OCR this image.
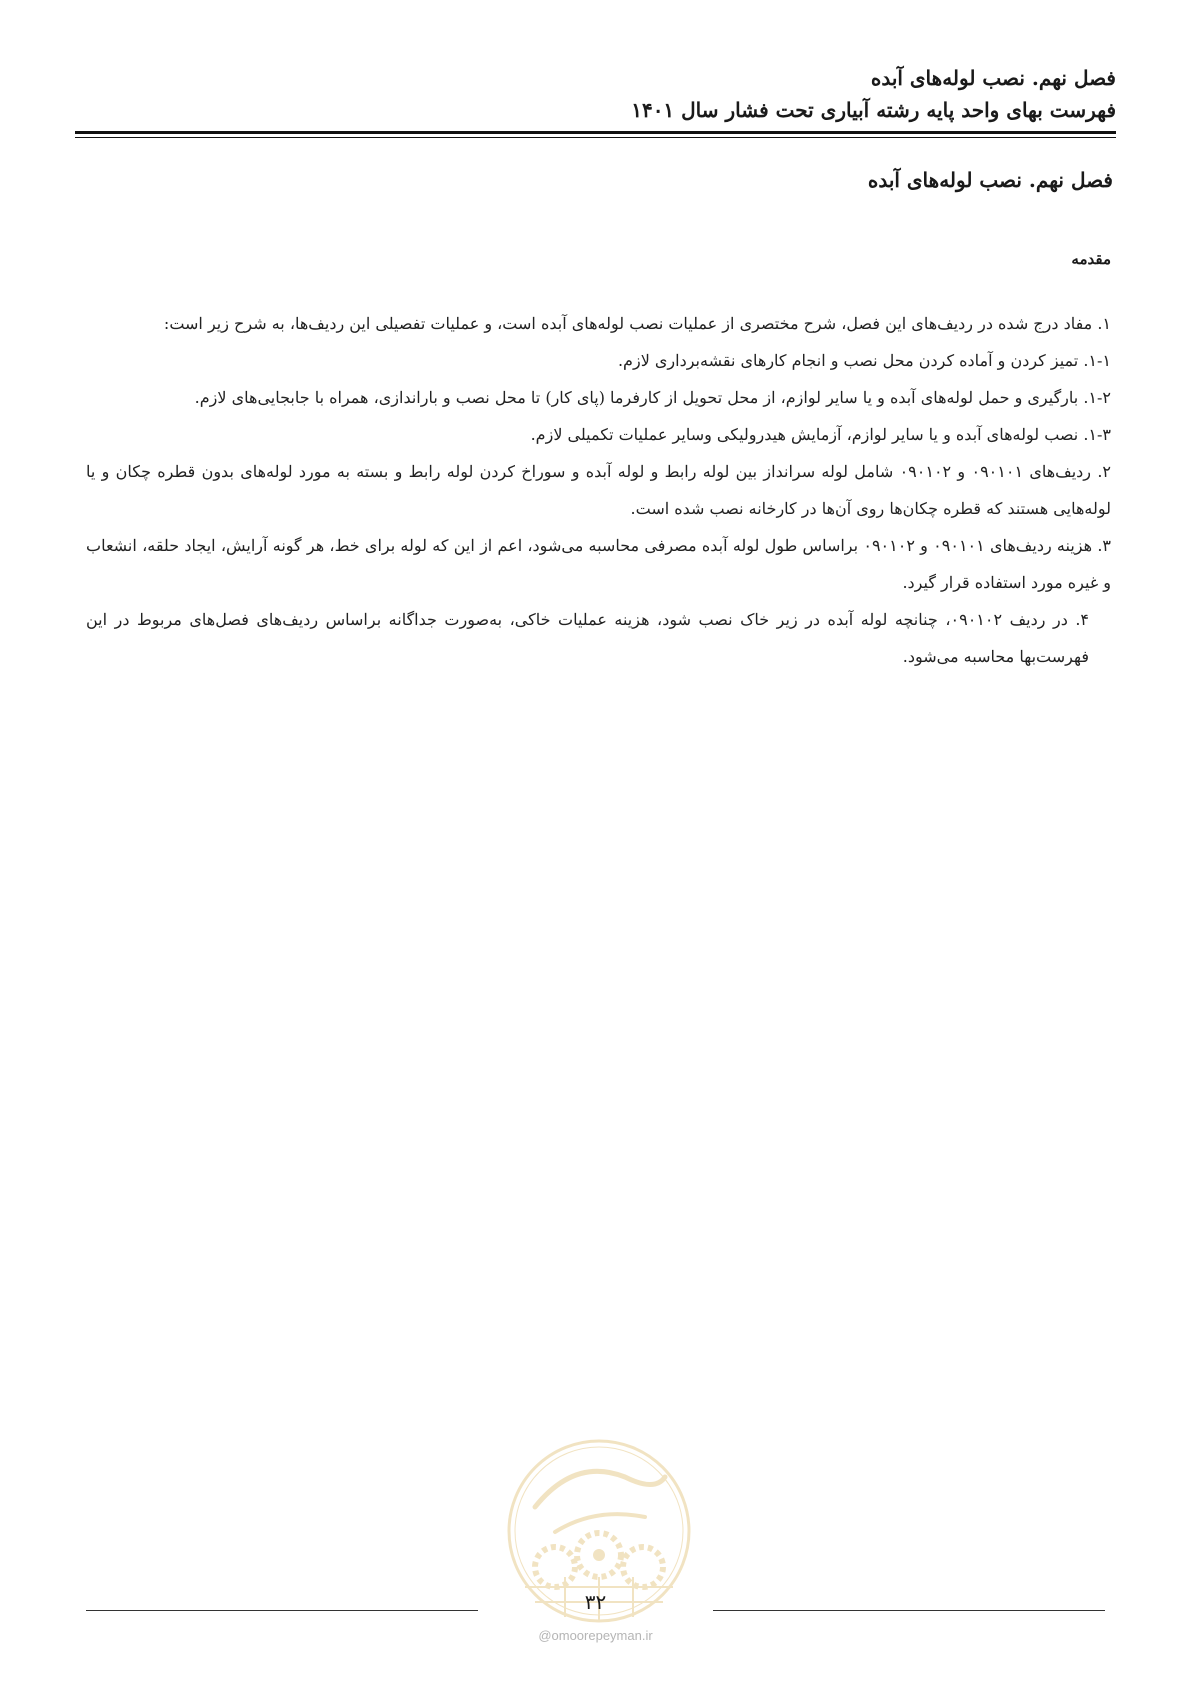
فصل نهم. نصب لوله‌های آبده
فهرست بهای واحد پایه رشته آبیاری تحت فشار سال ۱۴۰۱
فصل نهم. نصب لوله‌های آبده
مقدمه

۱. مفاد درج شده در ردیف‌های این فصل، شرح مختصری از عملیات نصب لوله‌های آبده است، و عملیات تفصیلی این ردیف‌ها، به شرح زیر است:

۱-۱. تمیز کردن و آماده کردن محل نصب و انجام کارهای نقشه‌برداری لازم.

۱-۲. بارگیری و حمل لوله‌های آبده و یا سایر لوازم، از محل تحویل از کارفرما (پای کار) تا محل نصب و باراندازی، همراه با جابجایی‌های لازم.

۱-۳. نصب لوله‌های آبده و یا سایر لوازم، آزمایش هیدرولیکی وسایر عملیات تکمیلی لازم.

۲. ردیف‌های ۰۹۰۱۰۱ و ۰۹۰۱۰۲ شامل لوله سرانداز بین لوله رابط و لوله آبده و سوراخ کردن لوله رابط و بسته به مورد لوله‌های بدون قطره چکان و یا لوله‌هایی هستند که قطره چکان‌ها روی آن‌ها در کارخانه نصب شده است.

۳. هزینه ردیف‌های ۰۹۰۱۰۱ و ۰۹۰۱۰۲ براساس طول لوله آبده مصرفی محاسبه می‌شود، اعم از این که لوله برای خط، هر گونه آرایش، ایجاد حلقه، انشعاب و غیره مورد استفاده قرار گیرد.

۴. در ردیف ۰۹۰۱۰۲، چنانچه لوله آبده در زیر خاک نصب شود، هزینه عملیات خاکی، به‌صورت جداگانه براساس ردیف‌های فصل‌های مربوط در این فهرست‌بها محاسبه می‌شود.

۳۲
@omoorepeyman.ir
